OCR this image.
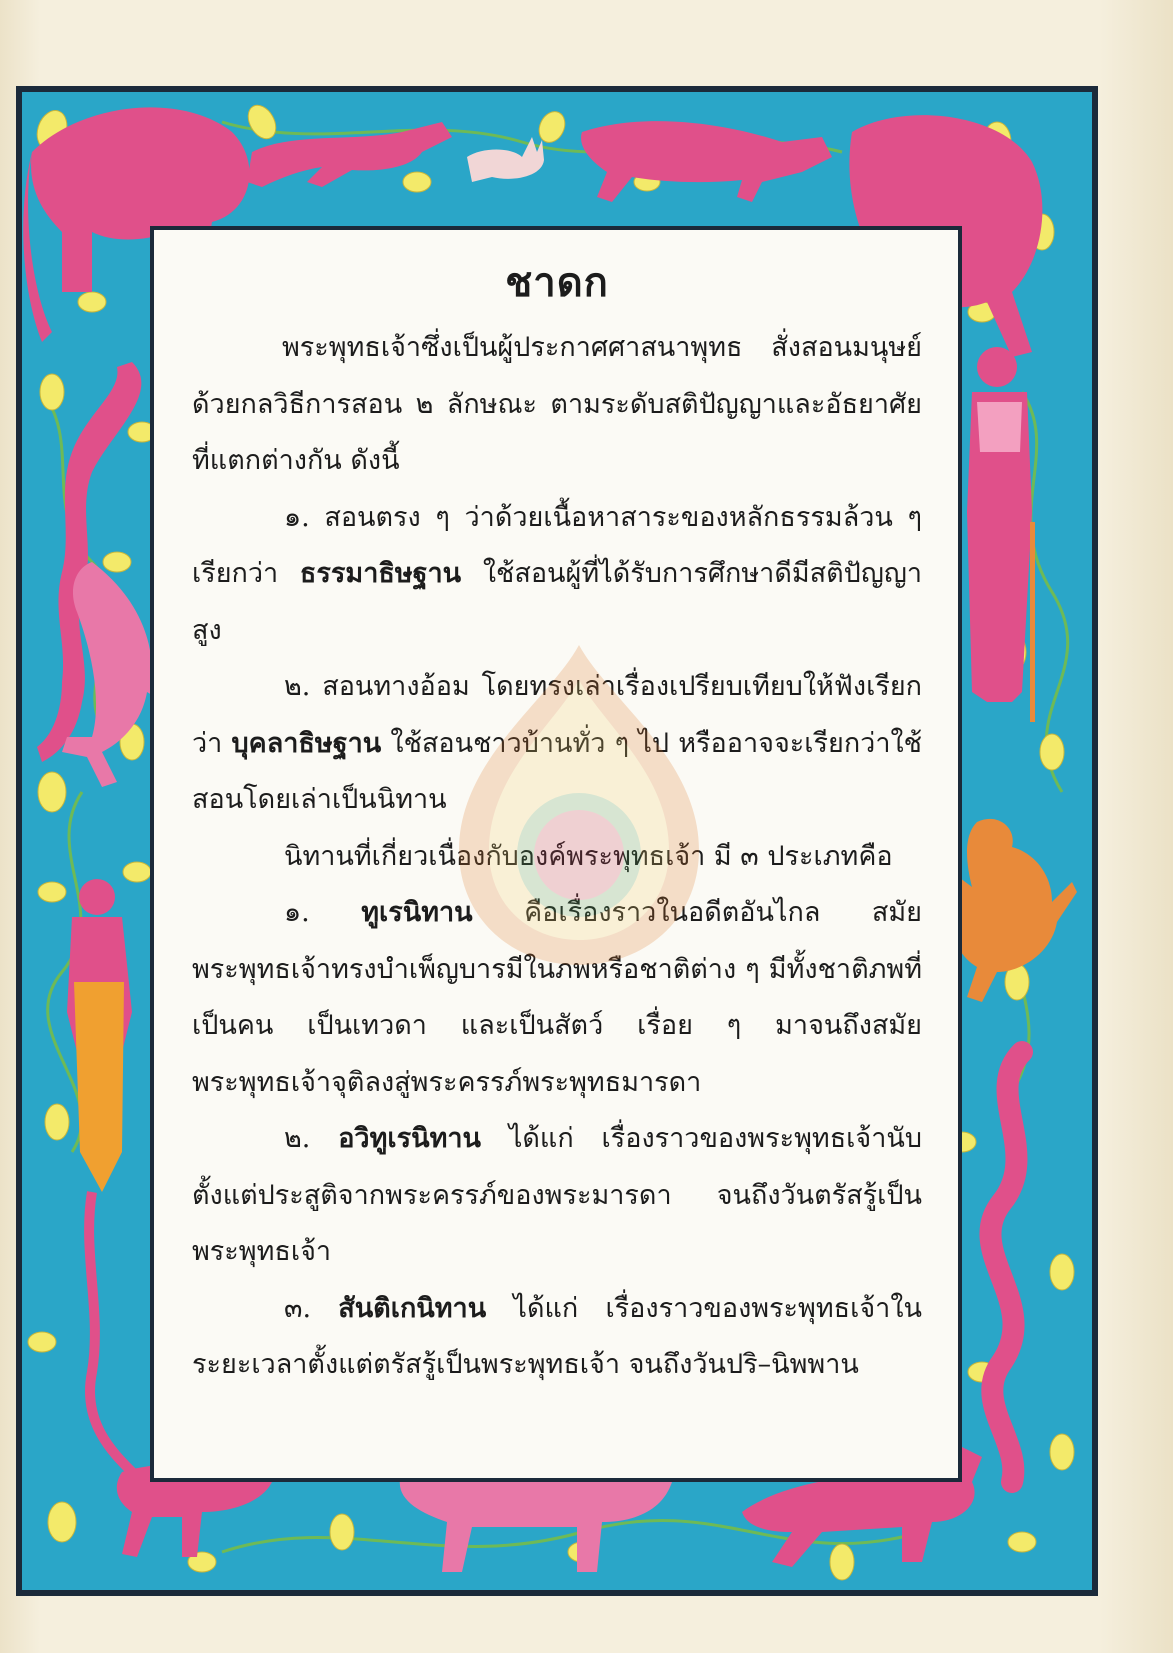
ชาดก

พระพุทธเจ้าซึ่งเป็นผู้ประกาศศาสนาพุทธ สั่งสอนมนุษย์ด้วยกลวิธีการสอน ๒ ลักษณะ ตามระดับสติปัญญาและอัธยาศัยที่แตกต่างกัน ดังนี้

๑. สอนตรง ๆ ว่าด้วยเนื้อหาสาระของหลักธรรมล้วน ๆ เรียกว่า ธรรมาธิษฐาน ใช้สอนผู้ที่ได้รับการศึกษาดีมีสติปัญญาสูง

๒. สอนทางอ้อม โดยทรงเล่าเรื่องเปรียบเทียบให้ฟังเรียกว่า บุคลาธิษฐาน ใช้สอนชาวบ้านทั่ว ๆ ไป หรืออาจจะเรียกว่าใช้สอนโดยเล่าเป็นนิทาน

นิทานที่เกี่ยวเนื่องกับองค์พระพุทธเจ้า มี ๓ ประเภทคือ

๑. ทูเรนิทาน คือเรื่องราวในอดีตอันไกล สมัยพระพุทธเจ้าทรงบำเพ็ญบารมีในภพหรือชาติต่าง ๆ มีทั้งชาติภพที่เป็นคน เป็นเทวดา และเป็นสัตว์ เรื่อย ๆ มาจนถึงสมัยพระพุทธเจ้าจุติลงสู่พระครรภ์พระพุทธมารดา

๒. อวิทูเรนิทาน ได้แก่ เรื่องราวของพระพุทธเจ้านับตั้งแต่ประสูติจากพระครรภ์ของพระมารดา จนถึงวันตรัสรู้เป็นพระพุทธเจ้า

๓. สันติเกนิทาน ได้แก่ เรื่องราวของพระพุทธเจ้าในระยะเวลาตั้งแต่ตรัสรู้เป็นพระพุทธเจ้า จนถึงวันปริ–นิพพาน
